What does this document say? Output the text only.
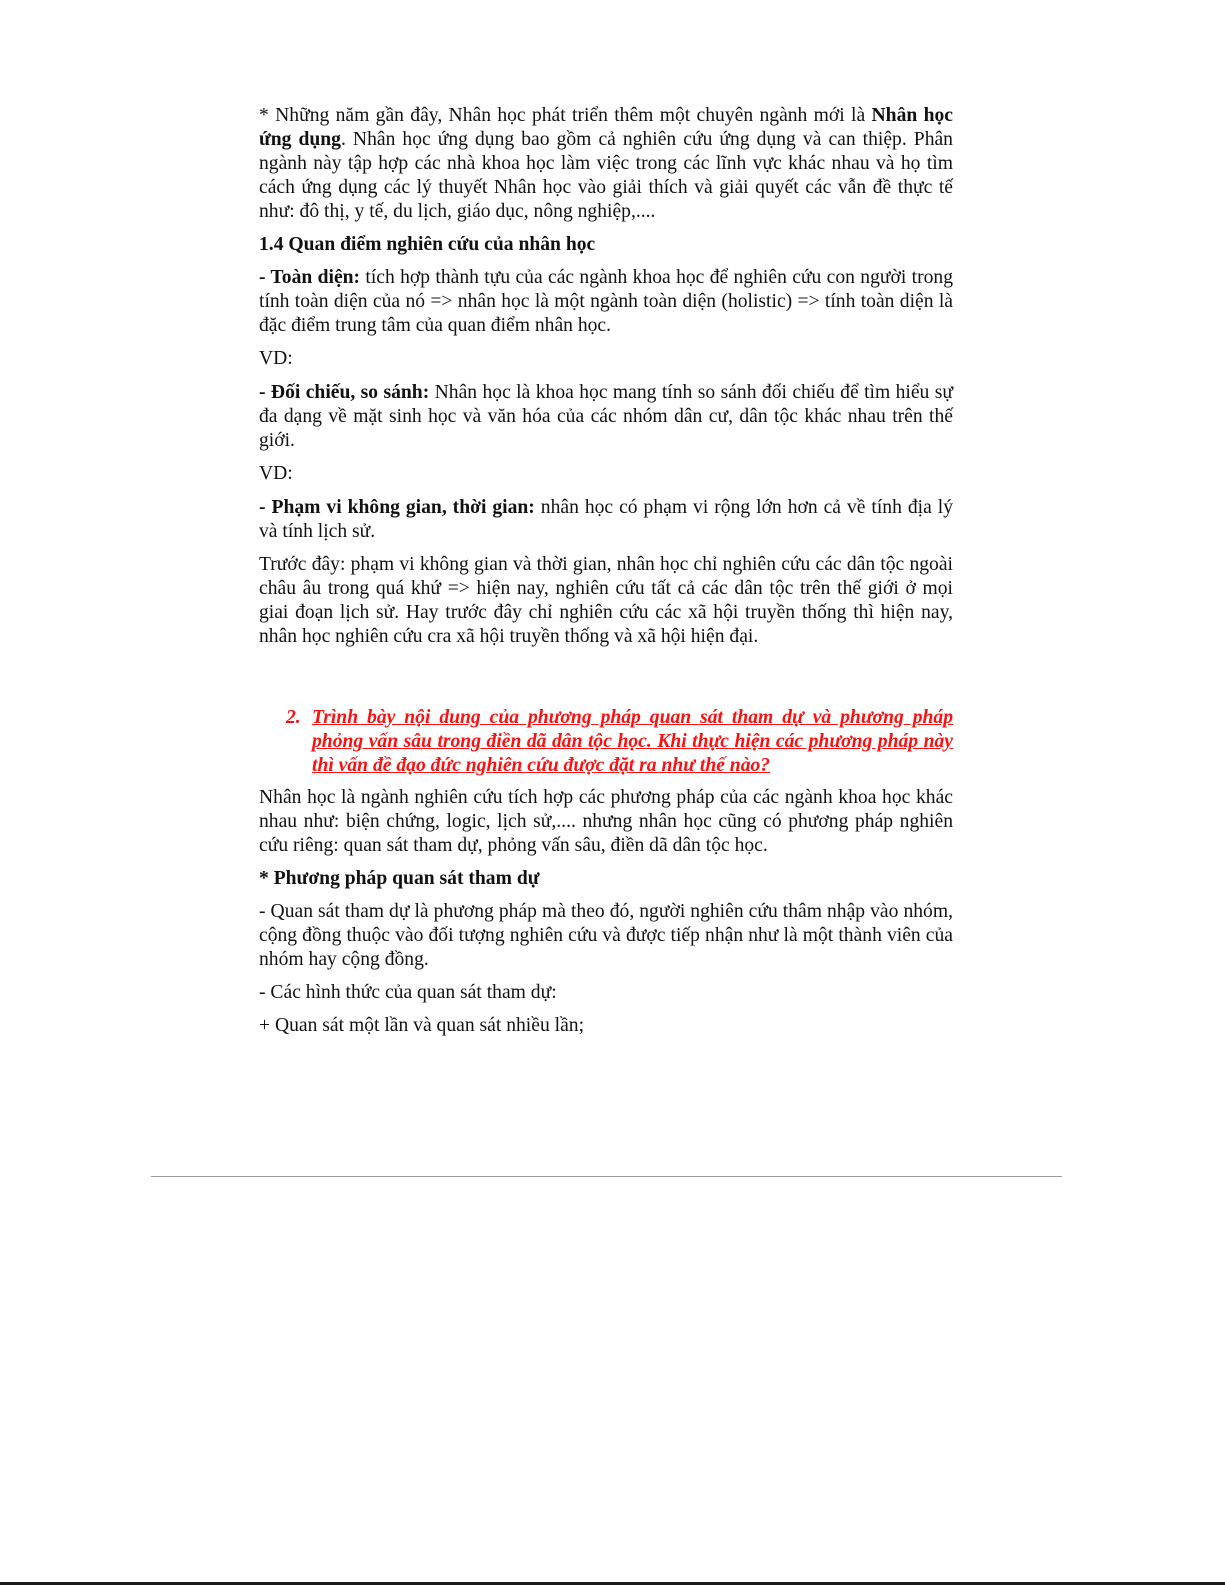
* Những năm gần đây, Nhân học phát triển thêm một chuyên ngành mới là Nhân học ứng dụng. Nhân học ứng dụng bao gồm cả nghiên cứu ứng dụng và can thiệp. Phân ngành này tập hợp các nhà khoa học làm việc trong các lĩnh vực khác nhau và họ tìm cách ứng dụng các lý thuyết Nhân học vào giải thích và giải quyết các vẫn đề thực tế như: đô thị, y tế, du lịch, giáo dục, nông nghiệp,....

1.4 Quan điểm nghiên cứu của nhân học

- Toàn diện: tích hợp thành tựu của các ngành khoa học để nghiên cứu con người trong tính toàn diện của nó => nhân học là một ngành toàn diện (holistic) => tính toàn diện là đặc điểm trung tâm của quan điểm nhân học.

VD:

- Đối chiếu, so sánh: Nhân học là khoa học mang tính so sánh đối chiếu để tìm hiểu sự đa dạng về mặt sinh học và văn hóa của các nhóm dân cư, dân tộc khác nhau trên thế giới.

VD:

- Phạm vi không gian, thời gian: nhân học có phạm vi rộng lớn hơn cả về tính địa lý và tính lịch sử.

Trước đây: phạm vi không gian và thời gian, nhân học chỉ nghiên cứu các dân tộc ngoài châu âu trong quá khứ => hiện nay, nghiên cứu tất cả các dân tộc trên thế giới ở mọi giai đoạn lịch sử. Hay trước đây chỉ nghiên cứu các xã hội truyền thống thì hiện nay, nhân học nghiên cứu cra xã hội truyền thống và xã hội hiện đại.

2. Trình bày nội dung của phương pháp quan sát tham dự và phương pháp phỏng vấn sâu trong điền dã dân tộc học. Khi thực hiện các phương pháp này thì vấn đề đạo đức nghiên cứu được đặt ra như thế nào?

Nhân học là ngành nghiên cứu tích hợp các phương pháp của các ngành khoa học khác nhau như: biện chứng, logic, lịch sử,.... nhưng nhân học cũng có phương pháp nghiên cứu riêng: quan sát tham dự, phỏng vấn sâu, điền dã dân tộc học.

* Phương pháp quan sát tham dự

- Quan sát tham dự là phương pháp mà theo đó, người nghiên cứu thâm nhập vào nhóm, cộng đồng thuộc vào đối tượng nghiên cứu và được tiếp nhận như là một thành viên của nhóm hay cộng đồng.

- Các hình thức của quan sát tham dự:

+ Quan sát một lần và quan sát nhiều lần;
